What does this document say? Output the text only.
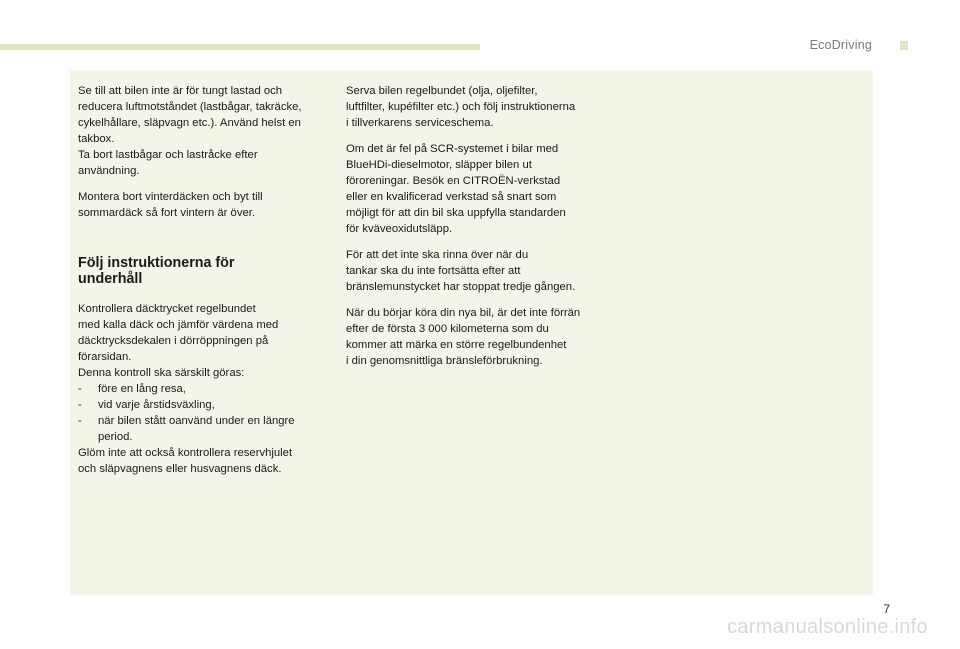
EcoDriving

Se till att bilen inte är för tungt lastad och
reducera luftmotståndet (lastbågar, takräcke,
cykelhållare, släpvagn etc.). Använd helst en
takbox.
Ta bort lastbågar och lastråcke efter
användning.

Montera bort vinterdäcken och byt till
sommardäck så fort vintern är över.

Följ instruktionerna för
underhåll

Kontrollera däcktrycket regelbundet
med kalla däck och jämför värdena med
däcktrycksdekalen i dörröppningen på
förarsidan.
Denna kontroll ska särskilt göras:

- före en lång resa,
- vid varje årstidsväxling,
- när bilen stått oanvänd under en längre
period.

Glöm inte att också kontrollera reservhjulet
och släpvagnens eller husvagnens däck.

Serva bilen regelbundet (olja, oljefilter,
luftfilter, kupéfilter etc.) och följ instruktionerna
i tillverkarens serviceschema.

Om det är fel på SCR-systemet i bilar med
BlueHDi-dieselmotor, släpper bilen ut
föroreningar. Besök en CITROËN-verkstad
eller en kvalificerad verkstad så snart som
möjligt för att din bil ska uppfylla standarden
för kväveoxidutsläpp.

För att det inte ska rinna över när du
tankar ska du inte fortsätta efter att
bränslemunstycket har stoppat tredje gången.

När du börjar köra din nya bil, är det inte förrän
efter de första 3 000 kilometerna som du
kommer att märka en större regelbundenhet
i din genomsnittliga bränsleförbrukning.

7
carmanualsonline.info
